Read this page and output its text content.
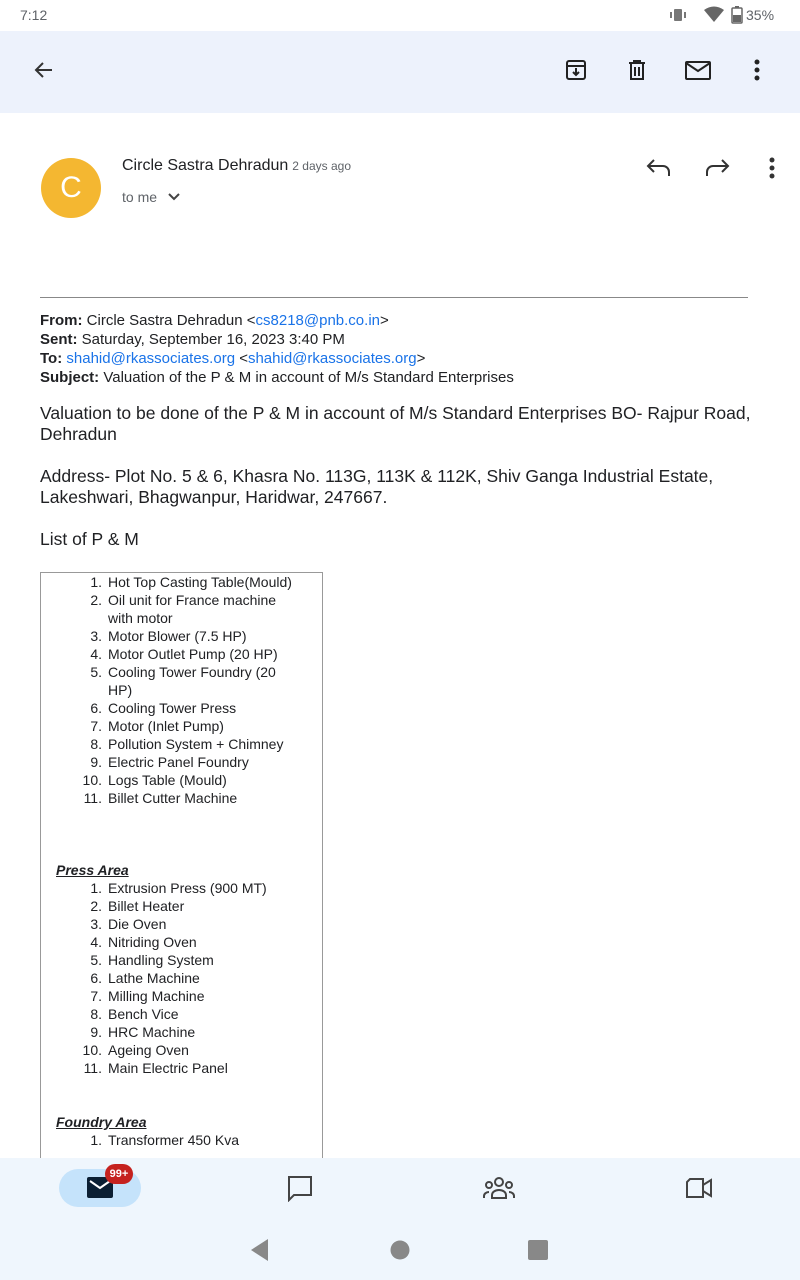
7:12	35%
C
Circle Sastra Dehradun 2 days ago
to me
From: Circle Sastra Dehradun <cs8218@pnb.co.in>
Sent: Saturday, September 16, 2023 3:40 PM
To: shahid@rkassociates.org <shahid@rkassociates.org>
Subject: Valuation of the P & M in account of M/s Standard Enterprises
Valuation to be done of the P & M in account of M/s Standard Enterprises BO- Rajpur Road, Dehradun
Address- Plot No. 5 & 6, Khasra No. 113G, 113K & 112K, Shiv Ganga Industrial Estate, Lakeshwari, Bhagwanpur, Haridwar, 247667.
List of P & M
1. Hot Top Casting Table(Mould)
2. Oil unit for France machine with motor
3. Motor Blower (7.5 HP)
4. Motor Outlet Pump (20 HP)
5. Cooling Tower Foundry (20 HP)
6. Cooling Tower Press
7. Motor (Inlet Pump)
8. Pollution System + Chimney
9. Electric Panel Foundry
10. Logs Table (Mould)
11. Billet Cutter Machine
Press Area
1. Extrusion Press (900 MT)
2. Billet Heater
3. Die Oven
4. Nitriding Oven
5. Handling System
6. Lathe Machine
7. Milling Machine
8. Bench Vice
9. HRC Machine
10. Ageing Oven
11. Main Electric Panel
Foundry Area
1. Transformer 450 Kva
99+
